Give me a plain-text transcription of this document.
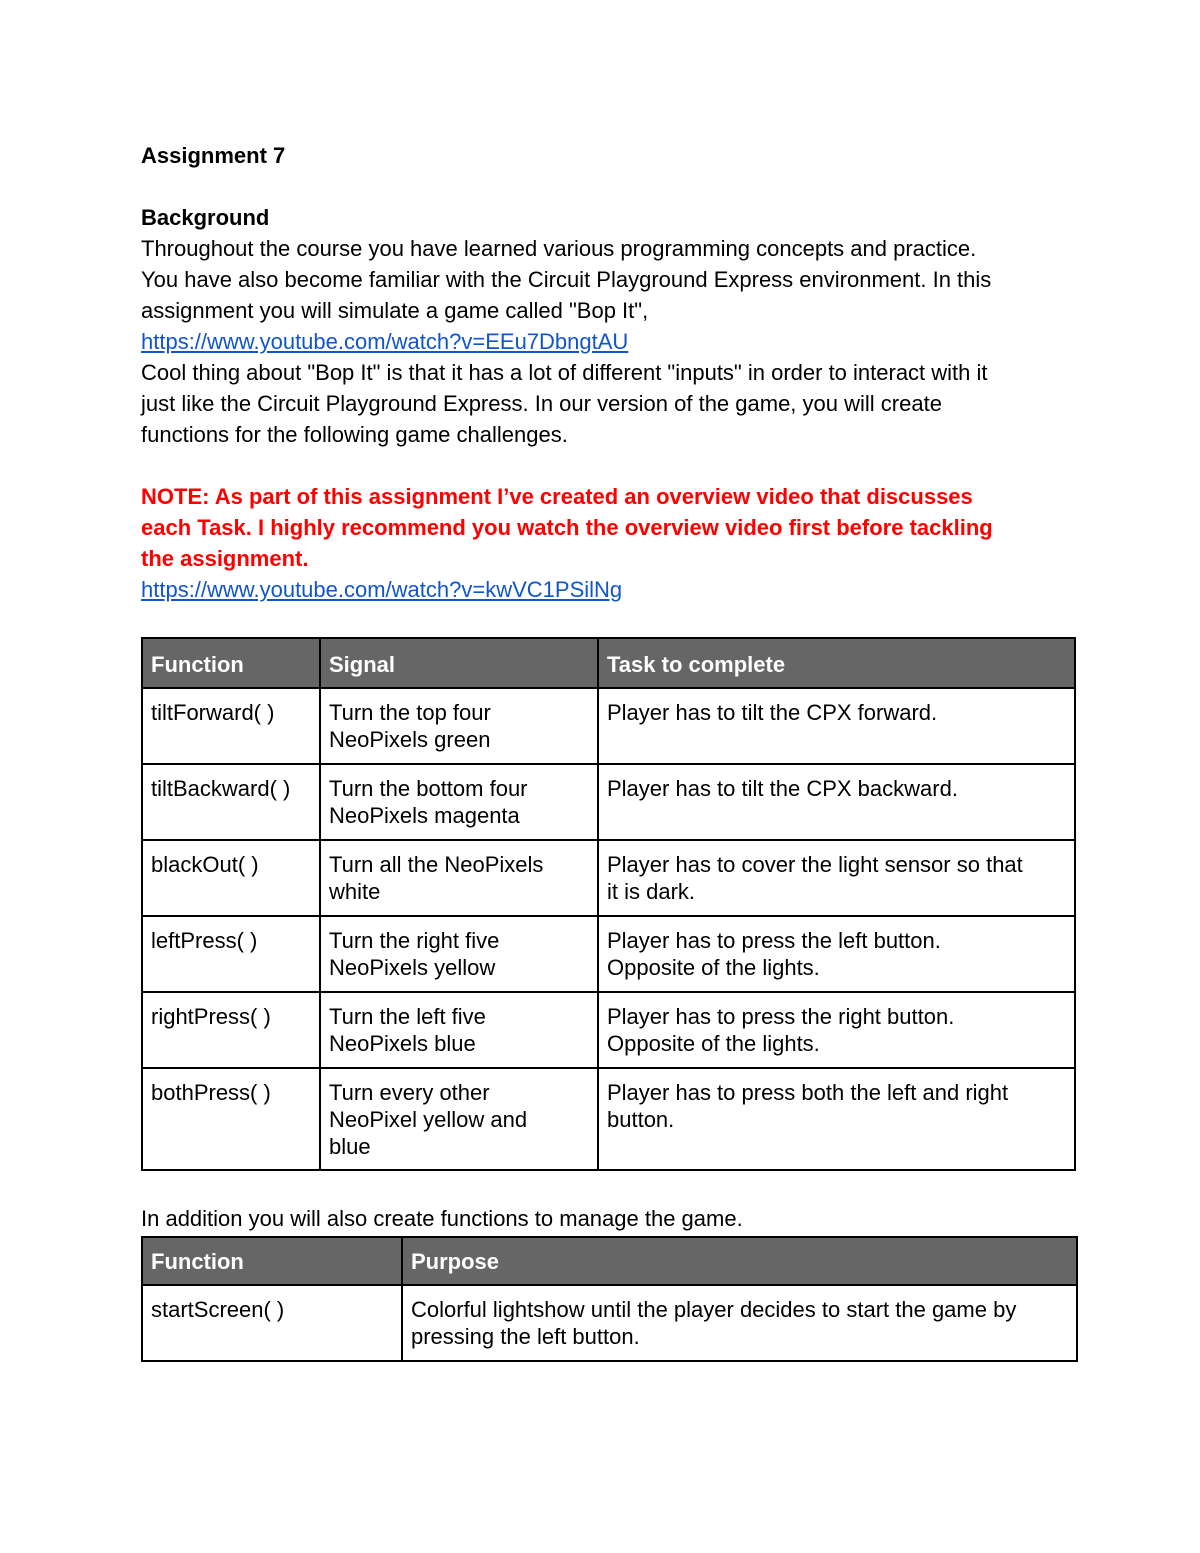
Assignment 7

Background

Throughout the course you have learned various programming concepts and practice.
You have also become familiar with the Circuit Playground Express environment. In this
assignment you will simulate a game called "Bop It",

https://www.youtube.com/watch?v=EEu7DbngtAU

Cool thing about "Bop It" is that it has a lot of different "inputs" in order to interact with it
just like the Circuit Playground Express. In our version of the game, you will create
functions for the following game challenges.

NOTE: As part of this assignment I’ve created an overview video that discusses
each Task. I highly recommend you watch the overview video first before tackling
the assignment.

https://www.youtube.com/watch?v=kwVC1PSilNg
Function	Signal	Task to complete

tiltForward( )	Turn the top four
NeoPixels green	Player has to tilt the CPX forward.

tiltBackward( )	Turn the bottom four
NeoPixels magenta	Player has to tilt the CPX backward.

blackOut( )	Turn all the NeoPixels
white	Player has to cover the light sensor so that
it is dark.

leftPress( )	Turn the right five
NeoPixels yellow	Player has to press the left button.
Opposite of the lights.

rightPress( )	Turn the left five
NeoPixels blue	Player has to press the right button.
Opposite of the lights.

bothPress( )	Turn every other
NeoPixel yellow and
blue	Player has to press both the left and right
button.
In addition you will also create functions to manage the game.
Function	Purpose

startScreen( )	Colorful lightshow until the player decides to start the game by
pressing the left button.
